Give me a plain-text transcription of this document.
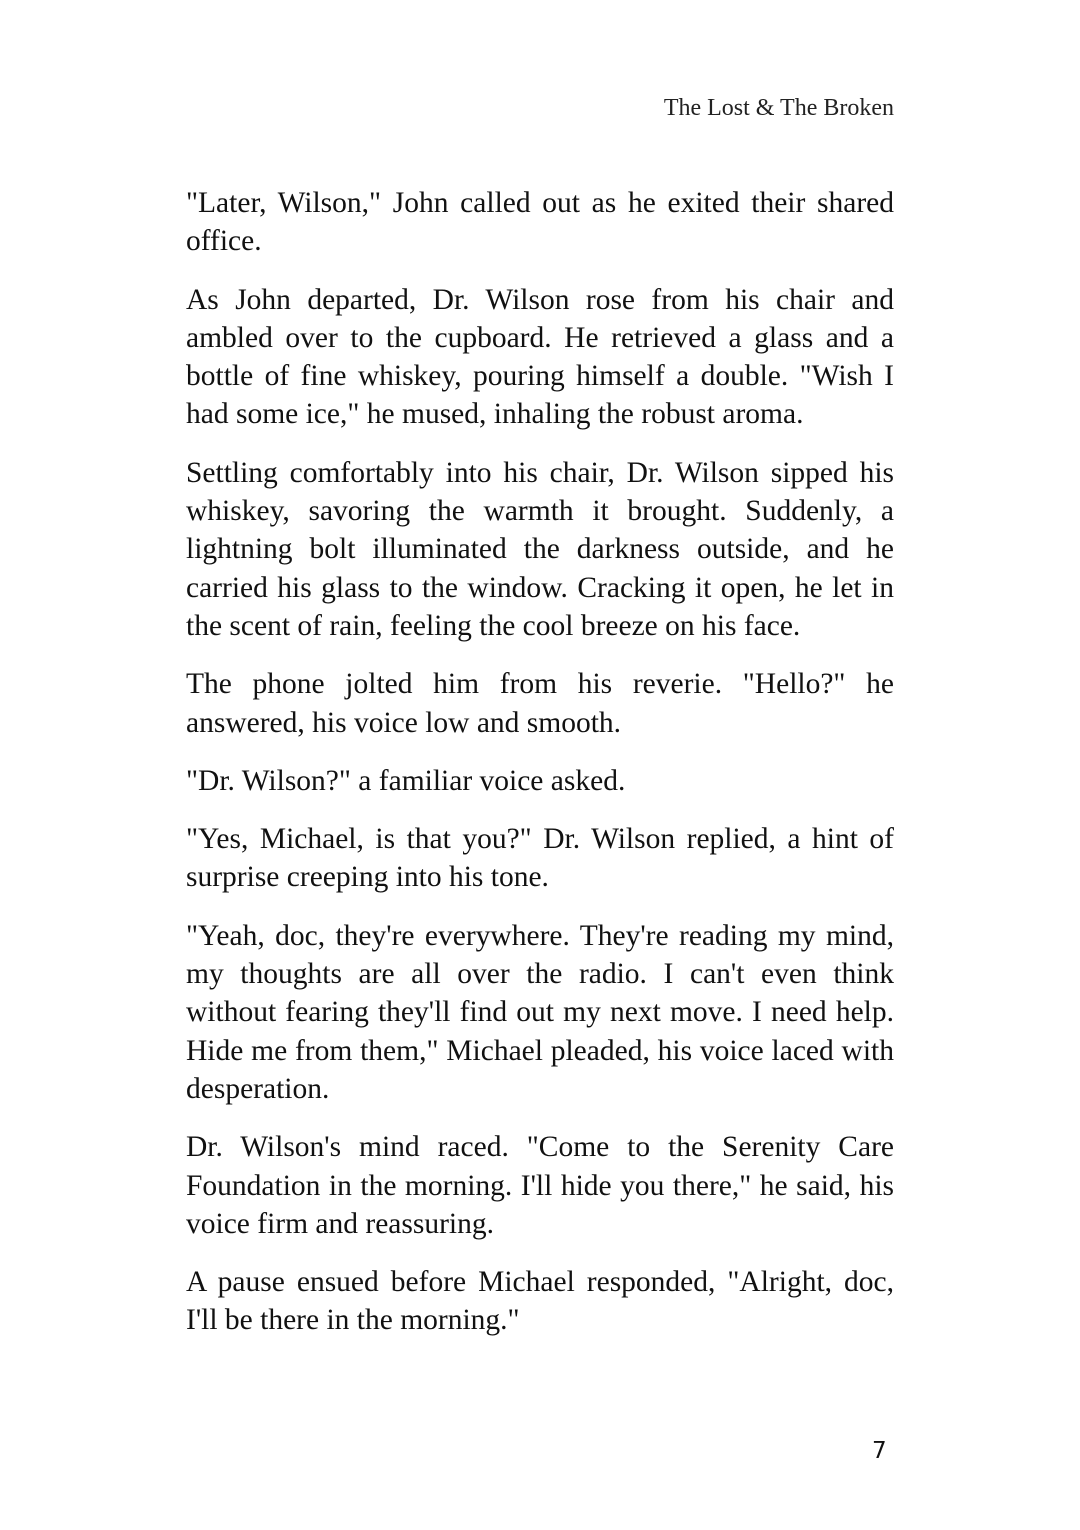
The Lost & The Broken

"Later, Wilson," John called out as he exited their shared office.

As John departed, Dr. Wilson rose from his chair and ambled over to the cupboard. He retrieved a glass and a bottle of fine whiskey, pouring himself a double. "Wish I had some ice," he mused, inhaling the robust aroma.

Settling comfortably into his chair, Dr. Wilson sipped his whiskey, savoring the warmth it brought. Suddenly, a lightning bolt illuminated the darkness outside, and he carried his glass to the window. Cracking it open, he let in the scent of rain, feeling the cool breeze on his face.

The phone jolted him from his reverie. "Hello?" he answered, his voice low and smooth.

"Dr. Wilson?" a familiar voice asked.

"Yes, Michael, is that you?" Dr. Wilson replied, a hint of surprise creeping into his tone.

"Yeah, doc, they're everywhere. They're reading my mind, my thoughts are all over the radio. I can't even think without fearing they'll find out my next move. I need help. Hide me from them," Michael pleaded, his voice laced with desperation.

Dr. Wilson's mind raced. "Come to the Serenity Care Foundation in the morning. I'll hide you there," he said, his voice firm and reassuring.

A pause ensued before Michael responded, "Alright, doc, I'll be there in the morning."

7
